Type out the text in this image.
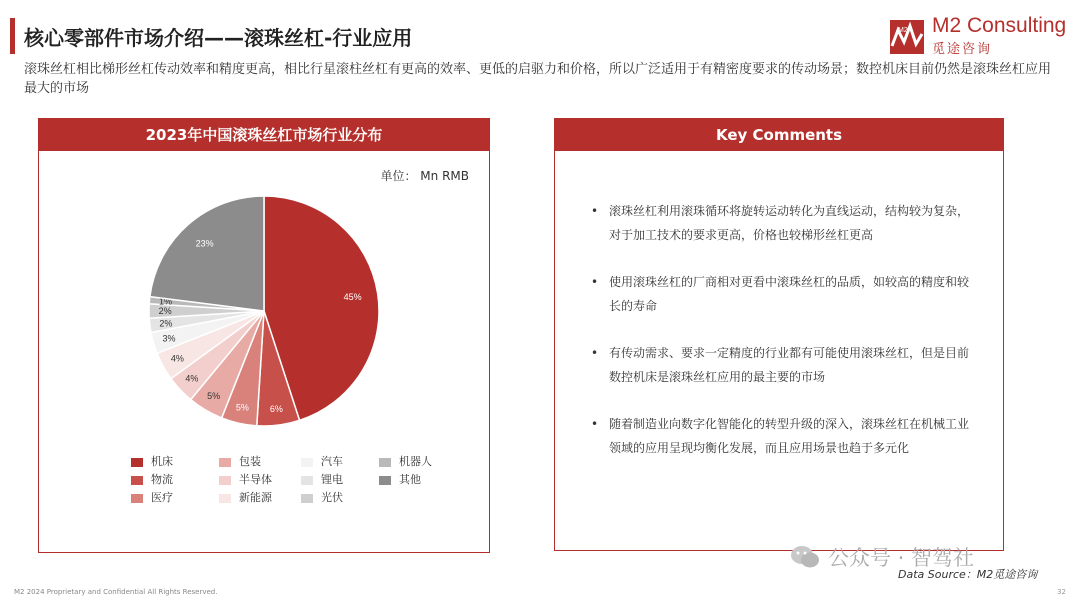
核心零部件市场介绍——滚珠丝杠-行业应用	M2 M2 Consulting
觅途咨询
滚珠丝杠相比梯形丝杠传动效率和精度更高，相比行星滚柱丝杠有更高的效率、更低的启驱力和价格，所以广泛适用于有精密度要求的传动场景；数控机床目前仍然是滚珠丝杠应用最大的市场
2023年中国滚珠丝杠市场行业分布
单位： Mn RMB
45%
6%
5%
5%
4%
4%
3%
2%
2%
1%
23%
机床	包装	汽车	机器人
物流	半导体	锂电	其他
医疗	新能源	光伏
Key Comments
• 滚珠丝杠利用滚珠循环将旋转运动转化为直线运动，结构较为复杂，对于加工技术的要求更高，价格也较梯形丝杠更高
• 使用滚珠丝杠的厂商相对更看中滚珠丝杠的品质，如较高的精度和较长的寿命
• 有传动需求、要求一定精度的行业都有可能使用滚珠丝杠，但是目前数控机床是滚珠丝杠应用的最主要的市场
• 随着制造业向数字化智能化的转型升级的深入，滚珠丝杠在机械工业领域的应用呈现均衡化发展，而且应用场景也趋于多元化
公众号 · 智驾社
Data Source：M2觅途咨询
M2 2024 Proprietary and Confidential All Rights Reserved.	32
